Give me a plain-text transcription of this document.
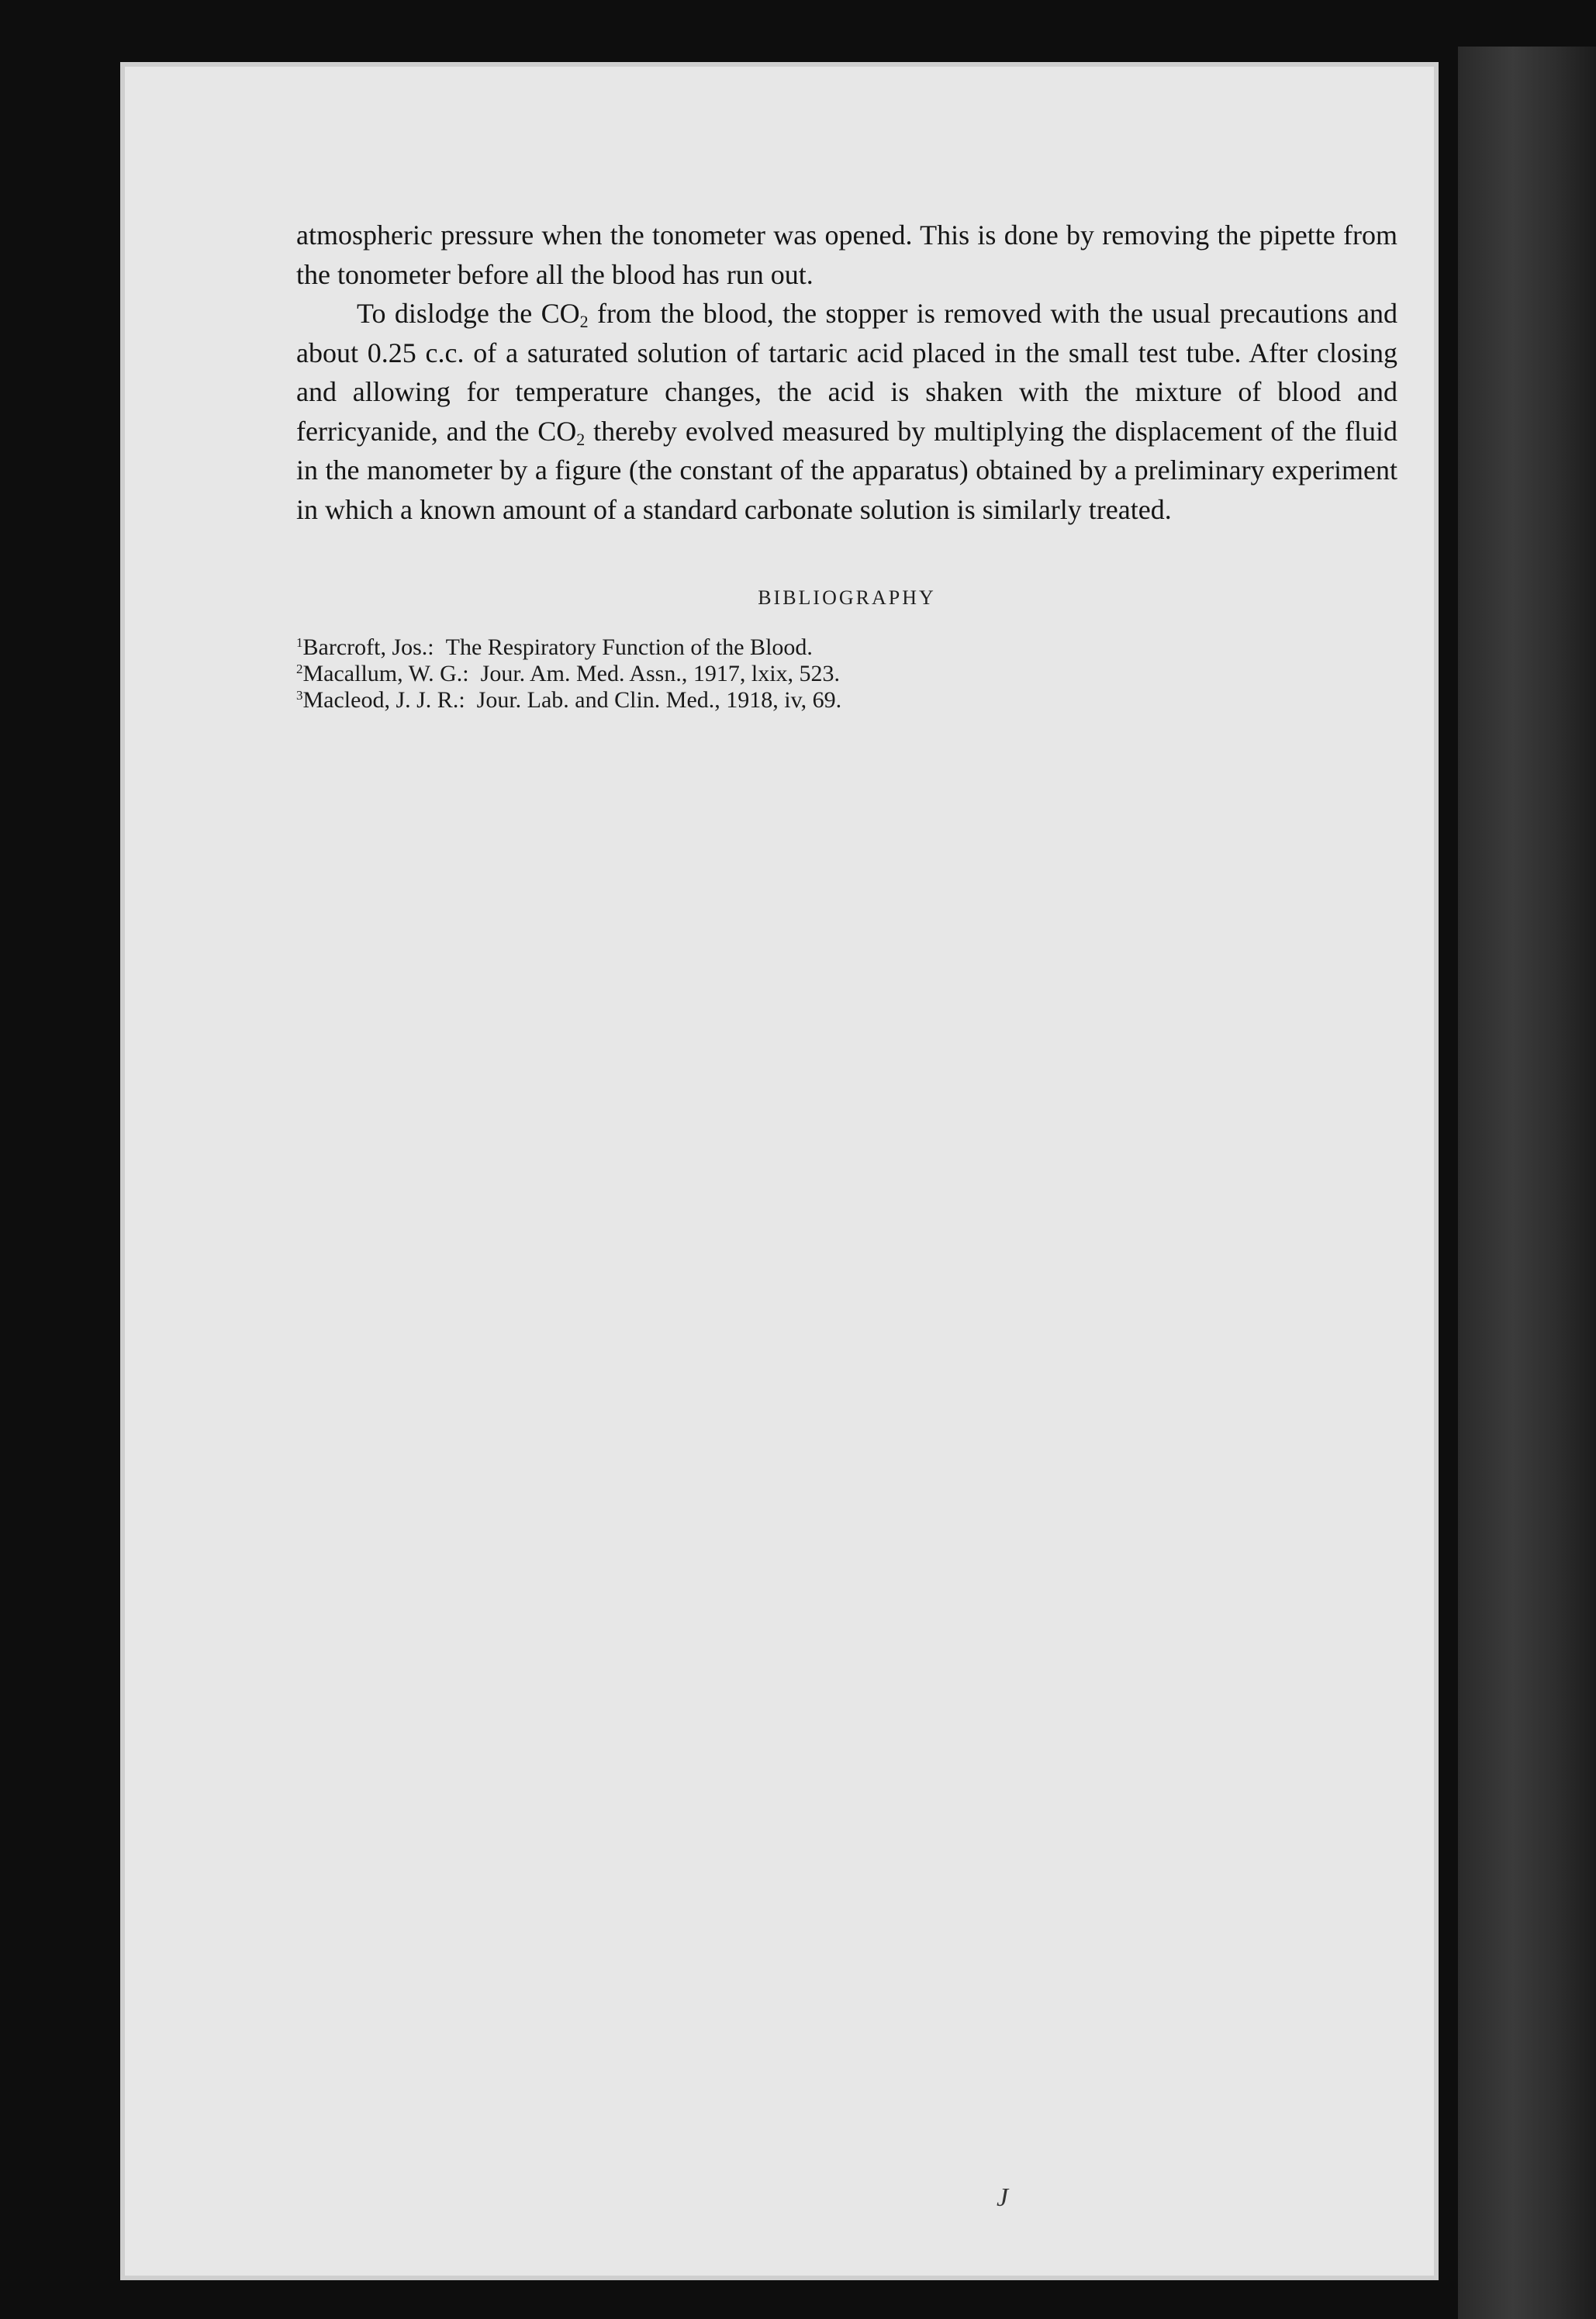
atmospheric pressure when the tonometer was opened. This is done by removing the pipette from the tonometer before all the blood has run out.

To dislodge the $CO_2$ from the blood, the stopper is removed with the usual precautions and about 0.25 c.c. of a saturated solution of tartaric acid placed in the small test tube. After closing and allowing for temperature changes, the acid is shaken with the mixture of blood and ferricyanide, and the $CO_2$ thereby evolved measured by multiplying the displacement of the fluid in the manometer by a figure (the constant of the apparatus) obtained by a preliminary experiment in which a known amount of a standard carbonate solution is similarly treated.

BIBLIOGRAPHY
$^1$Barcroft, Jos.: The Respiratory Function of the Blood.
$^2$Macallum, W. G.: Jour. Am. Med. Assn., 1917, lxix, 523.
$^3$Macleod, J. J. R.: Jour. Lab. and Clin. Med., 1918, iv, 69.
J
